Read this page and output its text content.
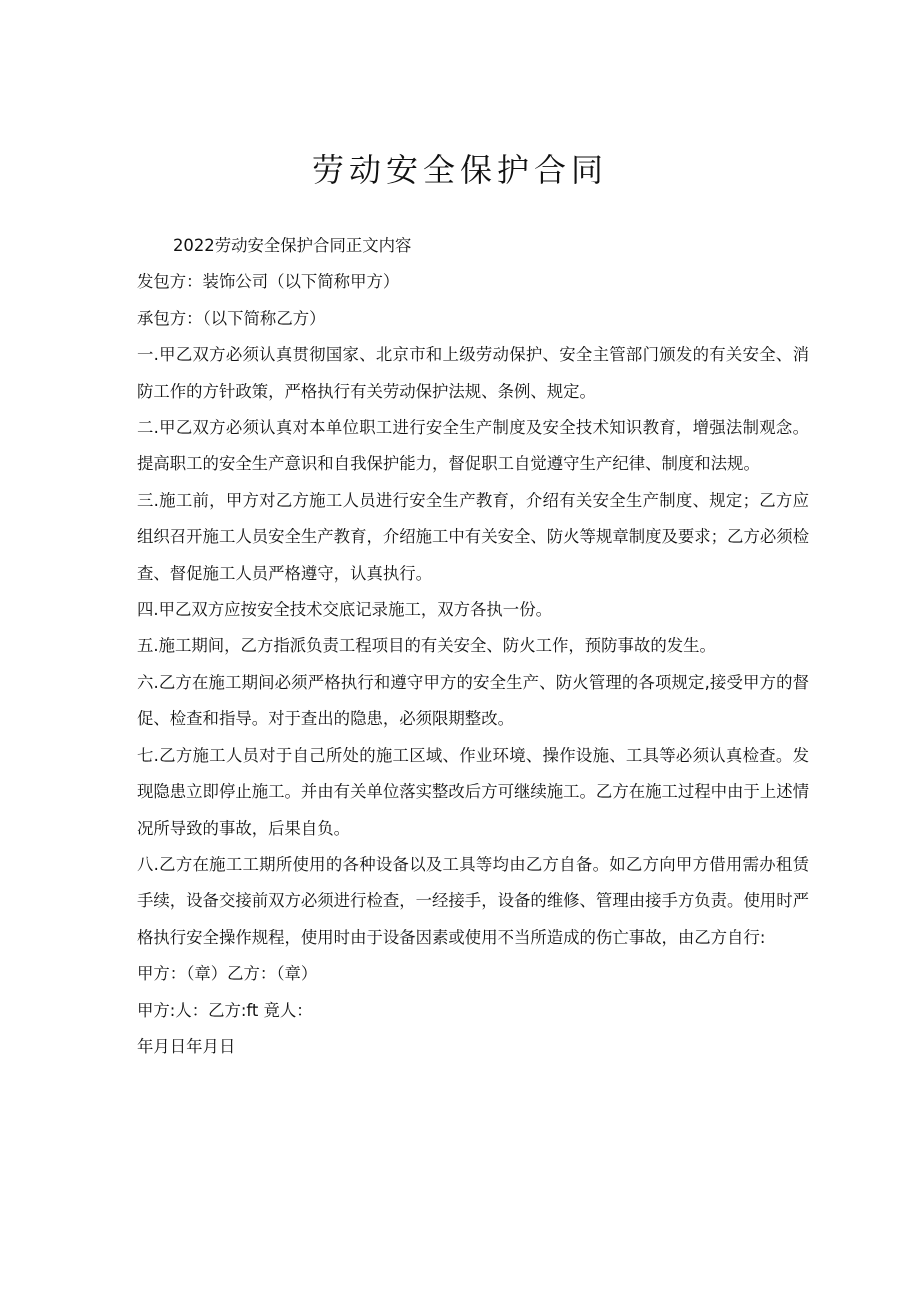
劳动安全保护合同

2022劳动安全保护合同正文内容

发包方：装饰公司（以下简称甲方）

承包方：（以下简称乙方）

一.甲乙双方必须认真贯彻国家、北京市和上级劳动保护、安全主管部门颁发的有关安全、消防工作的方针政策，严格执行有关劳动保护法规、条例、规定。

二.甲乙双方必须认真对本单位职工进行安全生产制度及安全技术知识教育，增强法制观念。提高职工的安全生产意识和自我保护能力，督促职工自觉遵守生产纪律、制度和法规。

三.施工前，甲方对乙方施工人员进行安全生产教育，介绍有关安全生产制度、规定；乙方应组织召开施工人员安全生产教育，介绍施工中有关安全、防火等规章制度及要求；乙方必须检查、督促施工人员严格遵守，认真执行。

四.甲乙双方应按安全技术交底记录施工，双方各执一份。

五.施工期间，乙方指派负责工程项目的有关安全、防火工作，预防事故的发生。

六.乙方在施工期间必须严格执行和遵守甲方的安全生产、防火管理的各项规定,接受甲方的督促、检查和指导。对于查出的隐患，必须限期整改。

七.乙方施工人员对于自己所处的施工区域、作业环境、操作设施、工具等必须认真检查。发现隐患立即停止施工。并由有关单位落实整改后方可继续施工。乙方在施工过程中由于上述情况所导致的事故，后果自负。

八.乙方在施工工期所使用的各种设备以及工具等均由乙方自备。如乙方向甲方借用需办租赁手续，设备交接前双方必须进行检查，一经接手，设备的维修、管理由接手方负责。使用时严格执行安全操作规程，使用时由于设备因素或使用不当所造成的伤亡事故，由乙方自行:

甲方：（章）乙方：（章）

甲方:人：乙方:ft 竟人：

年月日年月日
